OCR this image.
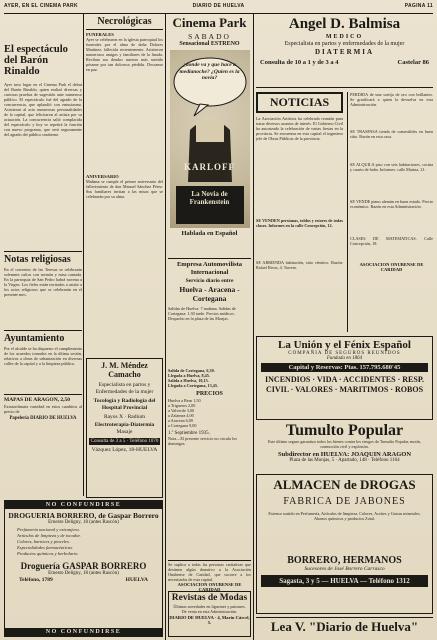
AYER, EN EL CINEMA PARK	DIARIO DE HUELVA	PAGINA 11
El espectáculo del Barón Rinaldo
Ayer tuvo lugar en el Cinema Park el debut del Barón Rinaldo, quien realizó diversas y curiosas pruebas de sugestión ante numeroso público. El espectáculo fué del agrado de la concurrencia, que aplaudió con entusiasmo. Asistieron al acto numerosas personalidades de la capital, que felicitaron al artista por su actuación. La concurrencia salió complacida del espectáculo y hoy se repetirá la función con nuevo programa, que será seguramente del agrado del público onubense.
Notas religiosas
En el convento de las Teresas se celebrarán solemnes cultos con sermón y misa cantada. En la parroquia de San Pedro habrá novena a la Virgen. Los fieles están invitados a asistir a los actos religiosos que se celebrarán en el presente mes.
Ayuntamiento
Por el alcalde se ha dispuesto el cumplimiento de los acuerdos tomados en la última sesión, relativos a obras de urbanización en diversas calles de la capital y a la limpieza pública.
MAPAS DE ARAGON, 2,50
Extraordinaria variedad en estos cuadritos al precio de
Papelería DIARIO DE HUELVA
Necrológicas
FUNERALES
Ayer se celebraron en la iglesia parroquial los funerales por el alma de doña Dolores Martínez, fallecida recientemente. Asistieron numerosos amigos y familiares de la finada. Reciban sus deudos nuestro más sentido pésame por tan dolorosa pérdida. Descanse en paz.
ANIVERSARIO
Mañana se cumple el primer aniversario del fallecimiento de don Manuel Sánchez Pérez. Sus familiares invitan a las misas que se celebrarán por su alma.
J. M. Méndez Camacho
Especialista en partos y Enfermedades de la mujer
Tocología y Radiología del Hospital Provincial
Rayos X · Radium
Electroterapia-Diatermia
Masaje
Consulta de 3 a 5 · Teléfono 1070
Vázquez López, 18-HUELVA
NO CONFUNDIRSE
DROGUERIA BORRERO, de Gaspar Borrero
Ernesto Deligny, 18 (antes Rascón)
Perfumería nacional y extranjera.
Artículos de limpieza y de tocador.
Colores, barnices y pinceles.
Especialidades farmacéuticas.
Productos químicos y herbolario.
Droguería GASPAR BORRERO
Ernesto Deligny, 18 (antes Rascón)
Teléfono, 1789	HUELVA
NO CONFUNDIRSE
Cinema Park
SABADO
Sensacional ESTRENO
¿donde va y que hace a medianoche? ¿Quien es la novia?
KARLOFF
La Novia de Frankenstein
Hablada en Español
Empresa Automovilista Internacional
Servicio diario entre
Huelva - Aracena - Cortegana
Salidas de Huelva: 7 mañana. Salidas de Cortegana: 1,30 tarde. Precios módicos. Despacho en la plaza de las Monjas.
Salida de Cortegana, 6,30.
Llegada a Huelva, 8,45.
Salida a Huelva, 10,15.
Llegada a Cortegana, 13,45.
PRECIOS
Huelva a Beas 1,50
a Trigueros 2,00
a Valverde 3,00
a Zalamea 4,00
a Aracena 6,00
a Cortegana 9,00
1.º Septiembre 1935.
Nota—El presente servicio no circula los domingos.
Se suplica a todas las personas caritativas que destinen algún donativo a la Asociación Onubense de Caridad, que socorre a los necesitados de esta capital.
ASOCIACION ONUBENSE DE CARIDAD
Revistas de Modas
Últimas novedades en figurines y patrones. De venta en esta Administración.
DIARIO DE HUELVA · 4, Marín Cárcel, 5.
Angel D. Balmisa
MEDICO
Especialista en partos y enfermedades de la mujer
DIATERMIA
Consulta de 10 a 1 y de 3 a 4	Castelar 86
NOTICIAS
La Asociación Artística ha celebrado reunión para tratar diversos asuntos de interés. El Gobierno Civil ha autorizado la celebración de varias fiestas en la provincia. Se encuentra en esta capital el ingeniero jefe de Obras Públicas de la provincia.
SE VENDEN persianas, toldos y estores de todas clases. Informes en la calle Concepción, 12.
SE ARRIENDA habitación, sitio céntrico. Razón: Rafael Rivas, 4. Torrero.
PERDIDA de una sortija de oro con brillantes. Se gratificará a quien la devuelva en esta Administración.
SE TRASPASA tienda de comestibles en buen sitio. Razón en esta casa.
SE ALQUILA piso con seis habitaciones, cocina y cuarto de baño. Informes: calle Marina, 21.
SE VENDE piano alemán en buen estado. Precio económico. Razón en esta Administración.
CLASES DE MATEMATICAS. Calle Concepción, 18.
ASOCIACION ONUBENSE DE CARIDAD
La Unión y el Fénix Español
COMPAÑIA DE SEGUROS REUNIDOS
Fundada en 1864
Capital y Reservas: Ptas. 157.795.680'45
INCENDIOS · VIDA · ACCIDENTES · RESP. CIVIL · VALORES · MARITIMOS · ROBOS
Tumulto Popular
Este último seguro garantiza todos los bienes contra los riesgos de Tumulto Popular, motín, conmoción civil y explosión.
Subdirector en HUELVA: JOAQUIN ARAGON
Plaza de las Monjas, 5 · Apartado, 148 · Teléfono 1164
ALMACEN de DROGAS
FABRICA DE JABONES
Extenso surtido en Perfumería, Artículos de limpieza, Colores, Aceites y Grasas minerales, Abonos químicos y productos Zotal.
BORRERO, HERMANOS
Sucesores de José Borrero Carrasco
Sagasta, 3 y 5 — HUELVA — Teléfono 1312
Lea V. "Diario de Huelva"
